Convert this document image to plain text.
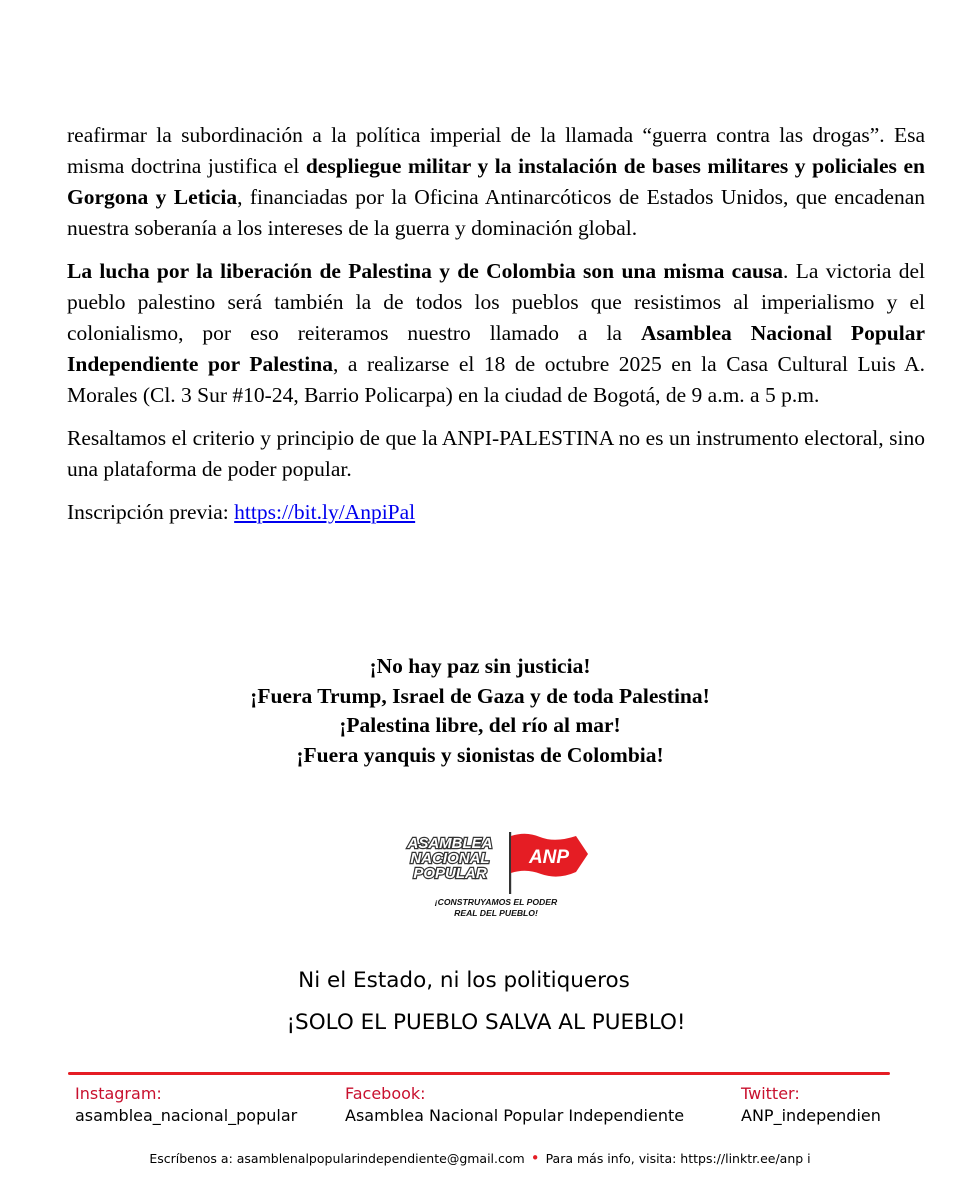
reafirmar la subordinación a la política imperial de la llamada “guerra contra las drogas”. Esa misma doctrina justifica el despliegue militar y la instalación de bases militares y policiales en Gorgona y Leticia, financiadas por la Oficina Antinarcóticos de Estados Unidos, que encadenan nuestra soberanía a los intereses de la guerra y dominación global.

La lucha por la liberación de Palestina y de Colombia son una misma causa. La victoria del pueblo palestino será también la de todos los pueblos que resistimos al imperialismo y el colonialismo, por eso reiteramos nuestro llamado a la Asamblea Nacional Popular Independiente por Palestina, a realizarse el 18 de octubre 2025 en la Casa Cultural Luis A. Morales (Cl. 3 Sur #10-24, Barrio Policarpa) en la ciudad de Bogotá, de 9 a.m. a 5 p.m.

Resaltamos el criterio y principio de que la ANPI-PALESTINA no es un instrumento electoral, sino una plataforma de poder popular.

Inscripción previa: https://bit.ly/AnpiPal

¡No hay paz sin justicia!
¡Fuera Trump, Israel de Gaza y de toda Palestina!
¡Palestina libre, del río al mar!
¡Fuera yanquis y sionistas de Colombia!
ASAMBLEA
NACIONAL
POPULAR
ANP
¡CONSTRUYAMOS EL PODER
REAL DEL PUEBLO!
Ni el Estado, ni los politiqueros
¡SOLO EL PUEBLO SALVA AL PUEBLO!
Instagram:
asamblea_nacional_popular
Facebook:
Asamblea Nacional Popular Independiente
Twitter:
ANP_independien
Escríbenos a: asamblenalpopularindependiente@gmail.com • Para más info, visita: https://linktr.ee/anp i
